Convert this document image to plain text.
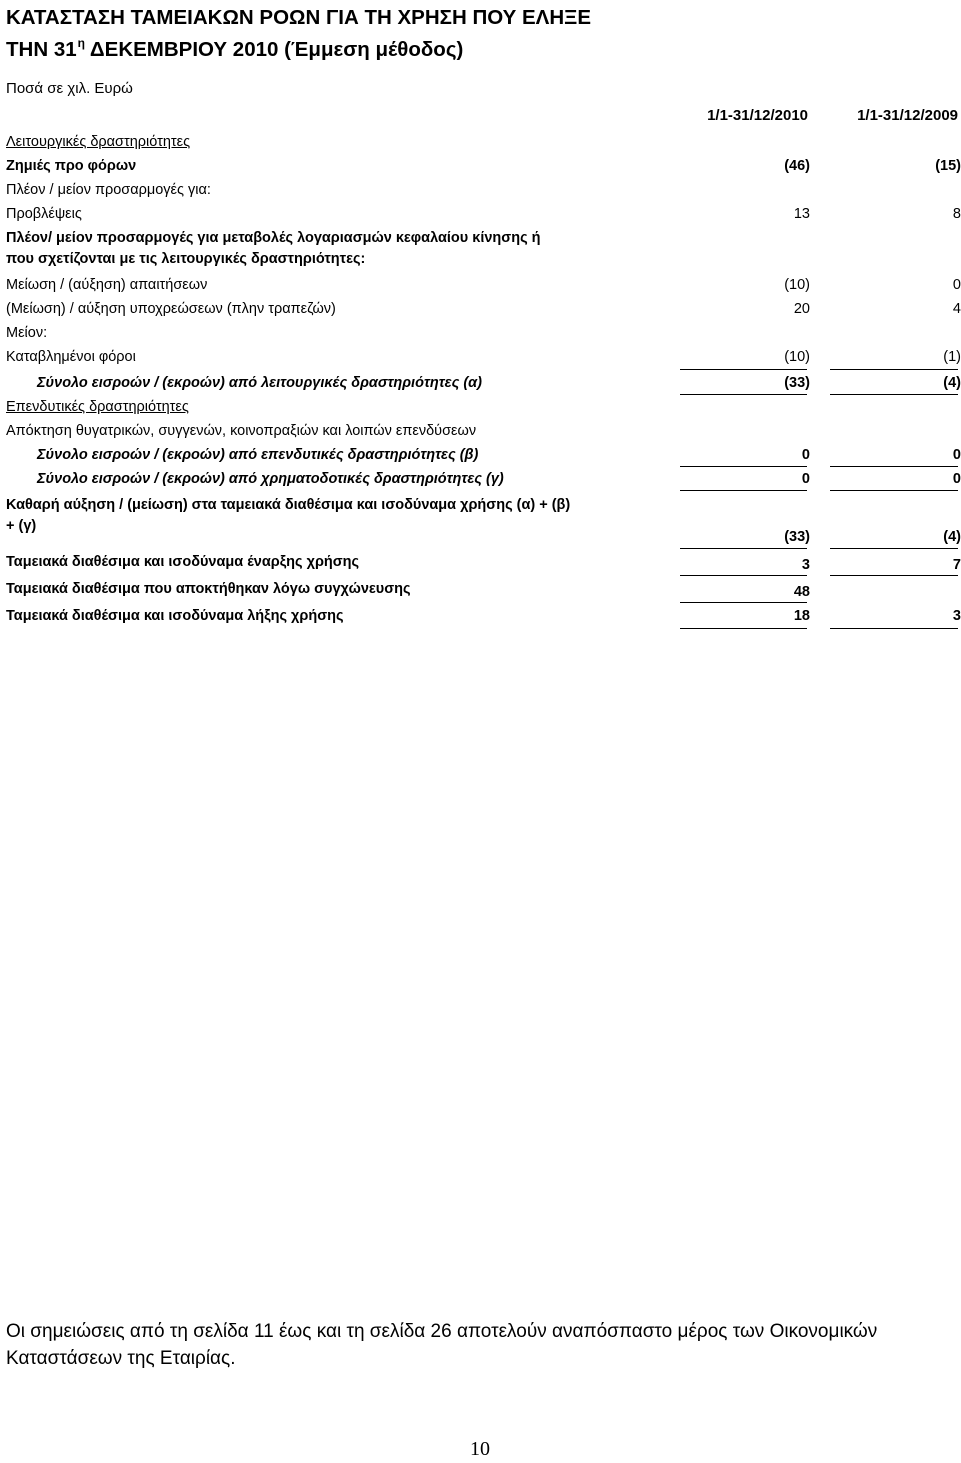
ΚΑΤΑΣΤΑΣΗ ΤΑΜΕΙΑΚΩΝ ΡΟΩΝ ΓΙΑ ΤΗ ΧΡΗΣΗ ΠΟΥ ΕΛΗΞΕ
ΤΗΝ $31^\eta$ ΔΕΚΕΜΒΡΙΟΥ 2010 (Έμμεση μέθοδος)
Ποσά σε χιλ. Ευρώ
1/1-31/12/2010	1/1-31/12/2009
Λειτουργικές δραστηριότητες
Ζημιές προ φόρων	(46)	(15)
Πλέον / μείον προσαρμογές για:
Προβλέψεις	13	8
Πλέον/ μείον προσαρμογές για μεταβολές λογαριασμών κεφαλαίου κίνησης ή
που σχετίζονται με τις λειτουργικές δραστηριότητες:
Μείωση / (αύξηση) απαιτήσεων	(10)	0
(Μείωση) / αύξηση υποχρεώσεων (πλην τραπεζών)	20	4
Μείον:
Καταβλημένοι φόροι	(10)	(1)
Σύνολο εισροών / (εκροών) από λειτουργικές δραστηριότητες (α)	(33)	(4)
Επενδυτικές δραστηριότητες
Απόκτηση θυγατρικών, συγγενών, κοινοπραξιών και λοιπών επενδύσεων
Σύνολο εισροών / (εκροών) από επενδυτικές δραστηριότητες (β)	0	0
Σύνολο εισροών / (εκροών) από χρηματοδοτικές δραστηριότητες (γ)	0	0
Καθαρή αύξηση / (μείωση) στα ταμειακά διαθέσιμα και ισοδύναμα χρήσης (α) + (β)
+ (γ)
(33)	(4)
Ταμειακά διαθέσιμα και ισοδύναμα έναρξης χρήσης	3	7
Ταμειακά διαθέσιμα που αποκτήθηκαν λόγω συγχώνευσης	48
Ταμειακά διαθέσιμα και ισοδύναμα λήξης χρήσης	18	3
Οι σημειώσεις από τη σελίδα 11 έως και τη σελίδα 26 αποτελούν αναπόσπαστο μέρος των Οικονομικών Καταστάσεων της Εταιρίας.
10
